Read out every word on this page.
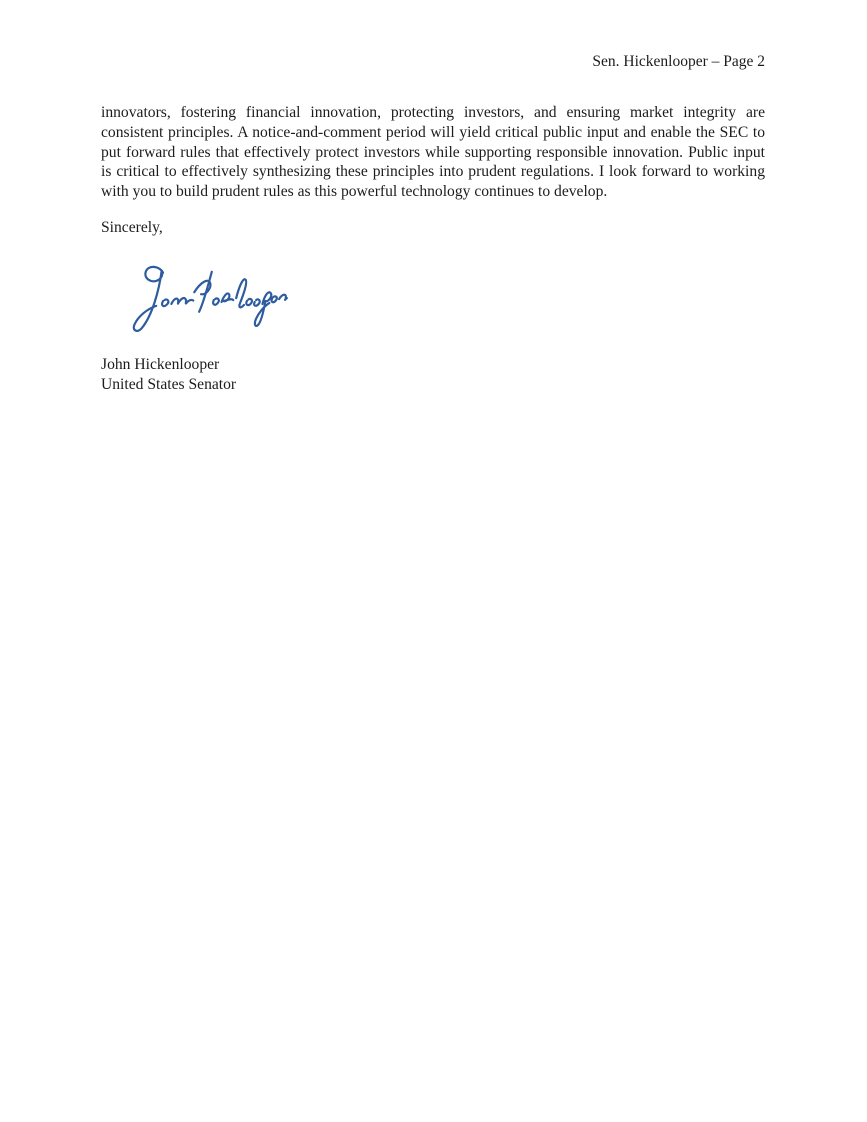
Sen. Hickenlooper – Page 2

innovators, fostering financial innovation, protecting investors, and ensuring market integrity are consistent principles. A notice-and-comment period will yield critical public input and enable the SEC to put forward rules that effectively protect investors while supporting responsible innovation. Public input is critical to effectively synthesizing these principles into prudent regulations. I look forward to working with you to build prudent rules as this powerful technology continues to develop.

Sincerely,
John Hickenlooper
United States Senator
